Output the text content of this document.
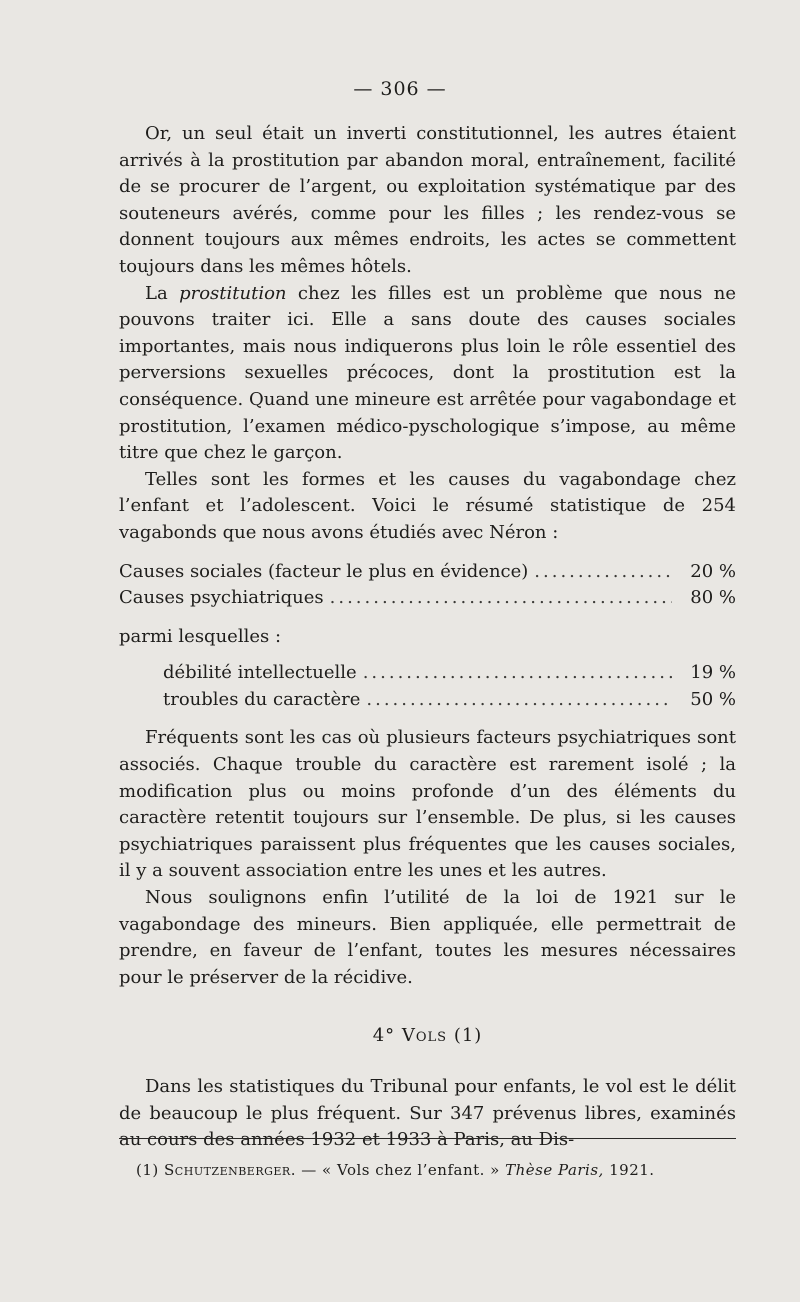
— 306 —

Or, un seul était un inverti constitutionnel, les autres étaient arrivés à la prostitution par abandon moral, entraînement, facilité de se procurer de l’argent, ou exploitation systématique par des souteneurs avérés, comme pour les filles ; les rendez-vous se donnent toujours aux mêmes endroits, les actes se commettent toujours dans les mêmes hôtels.

La prostitution chez les filles est un problème que nous ne pouvons traiter ici. Elle a sans doute des causes sociales importantes, mais nous indiquerons plus loin le rôle essentiel des perversions sexuelles précoces, dont la prostitution est la conséquence. Quand une mineure est arrêtée pour vagabondage et prostitution, l’examen médico-pyschologique s’impose, au même titre que chez le garçon.

Telles sont les formes et les causes du vagabondage chez l’enfant et l’adolescent. Voici le résumé statistique de 254 vagabonds que nous avons étudiés avec Néron :

Causes sociales (facteur le plus en évidence) .....	20 %
Causes psychiatriques .....	80 %
parmi lesquelles :
débilité intellectuelle .....	19 %
troubles du caractère .....	50 %

Fréquents sont les cas où plusieurs facteurs psychiatriques sont associés. Chaque trouble du caractère est rarement isolé ; la modification plus ou moins profonde d’un des éléments du caractère retentit toujours sur l’ensemble. De plus, si les causes psychiatriques paraissent plus fréquentes que les causes sociales, il y a souvent association entre les unes et les autres.

Nous soulignons enfin l’utilité de la loi de 1921 sur le vagabondage des mineurs. Bien appliquée, elle permettrait de prendre, en faveur de l’enfant, toutes les mesures nécessaires pour le préserver de la récidive.

4° Vols (1)

Dans les statistiques du Tribunal pour enfants, le vol est le délit de beaucoup le plus fréquent. Sur 347 prévenus libres, examinés au cours des années 1932 et 1933 à Paris, au Dis-

(1) Schutzenberger. — « Vols chez l’enfant. » Thèse Paris, 1921.
